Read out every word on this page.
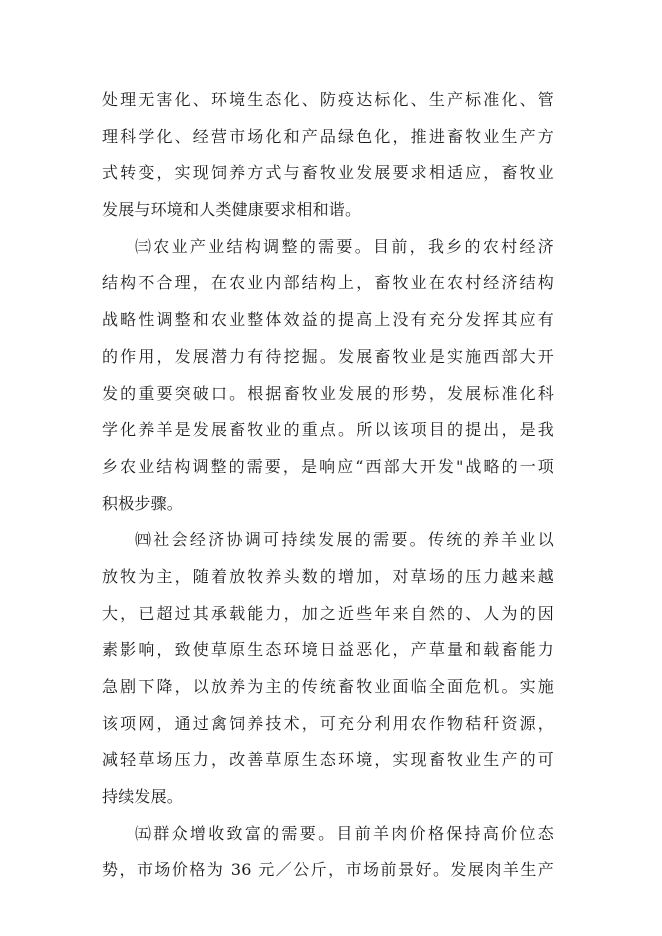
处理无害化、环境生态化、防疫达标化、生产标准化、管
理科学化、经营市场化和产品绿色化，推进畜牧业生产方
式转变，实现饲养方式与畜牧业发展要求相适应，畜牧业
发展与环境和人类健康要求相和谐。
㈢农业产业结构调整的需要。目前，我乡的农村经济
结构不合理，在农业内部结构上，畜牧业在农村经济结构
战略性调整和农业整体效益的提高上没有充分发挥其应有
的作用，发展潜力有待挖掘。发展畜牧业是实施西部大开
发的重要突破口。根据畜牧业发展的形势，发展标准化科
学化养羊是发展畜牧业的重点。所以该项目的提出，是我
乡农业结构调整的需要，是响应“西部大开发"战略的一项
积极步骤。
㈣社会经济协调可持续发展的需要。传统的养羊业以
放牧为主，随着放牧养头数的增加，对草场的压力越来越
大，已超过其承载能力，加之近些年来自然的、人为的因
素影响，致使草原生态环境日益恶化，产草量和载畜能力
急剧下降，以放养为主的传统畜牧业面临全面危机。实施
该项网，通过禽饲养技术，可充分利用农作物秸秆资源，
减轻草场压力，改善草原生态环境，实现畜牧业生产的可
持续发展。
㈤群众增收致富的需要。目前羊肉价格保持高价位态
势，市场价格为 36 元／公斤，市场前景好。发展肉羊生产
